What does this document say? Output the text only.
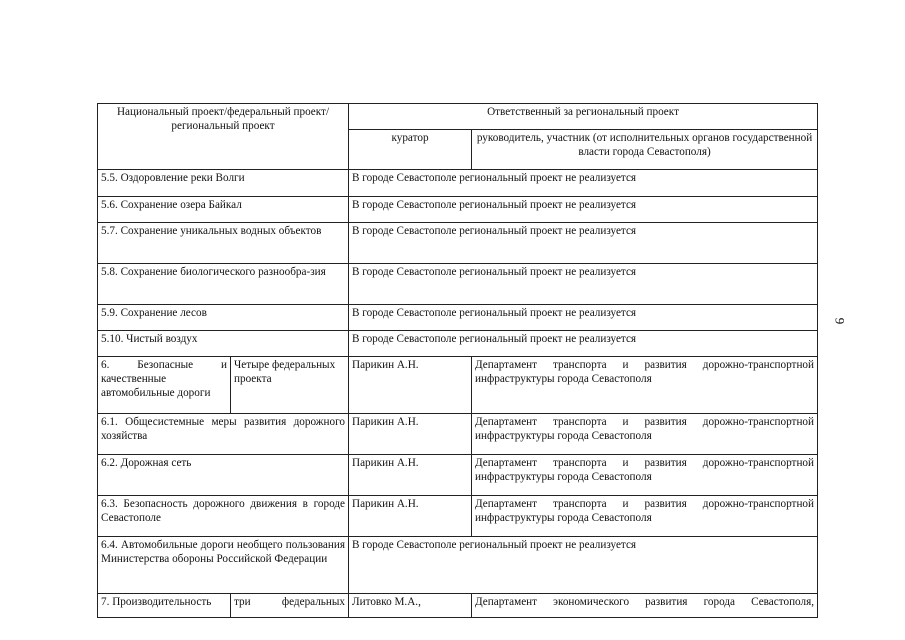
9
Национальный проект/федеральный проект/региональный проект		Ответственный за региональный проект	
		куратор	руководитель, участник (от исполнительных органов государственной власти города Севастополя)
5.5. Оздоровление реки Волги		В городе Севастополе региональный проект не реализуется	
5.6. Сохранение озера Байкал		В городе Севастополе региональный проект не реализуется	
5.7. Сохранение уникальных водных объектов		В городе Севастополе региональный проект не реализуется	
5.8. Сохранение биологического разнообра-зия		В городе Севастополе региональный проект не реализуется	
5.9. Сохранение лесов		В городе Севастополе региональный проект не реализуется	
5.10. Чистый воздух		В городе Севастополе региональный проект не реализуется	
6. Безопасные и качественные автомобильные дороги	Четыре федеральных проекта	Парикин А.Н.	Департамент транспорта и развития дорожно-транспортной инфраструктуры города Севастополя
6.1. Общесистемные меры развития дорожного хозяйства		Парикин А.Н.	Департамент транспорта и развития дорожно-транспортной инфраструктуры города Севастополя
6.2. Дорожная сеть		Парикин А.Н.	Департамент транспорта и развития дорожно-транспортной инфраструктуры города Севастополя
6.3. Безопасность дорожного движения в городе Севастополе		Парикин А.Н.	Департамент транспорта и развития дорожно-транспортной инфраструктуры города Севастополя
6.4. Автомобильные дороги необщего пользования Министерства обороны Российской Федерации		В городе Севастополе региональный проект не реализуется	
7. Производительность	три федеральных	Литовко М.А.,	Департамент экономического развития города Севастополя,
